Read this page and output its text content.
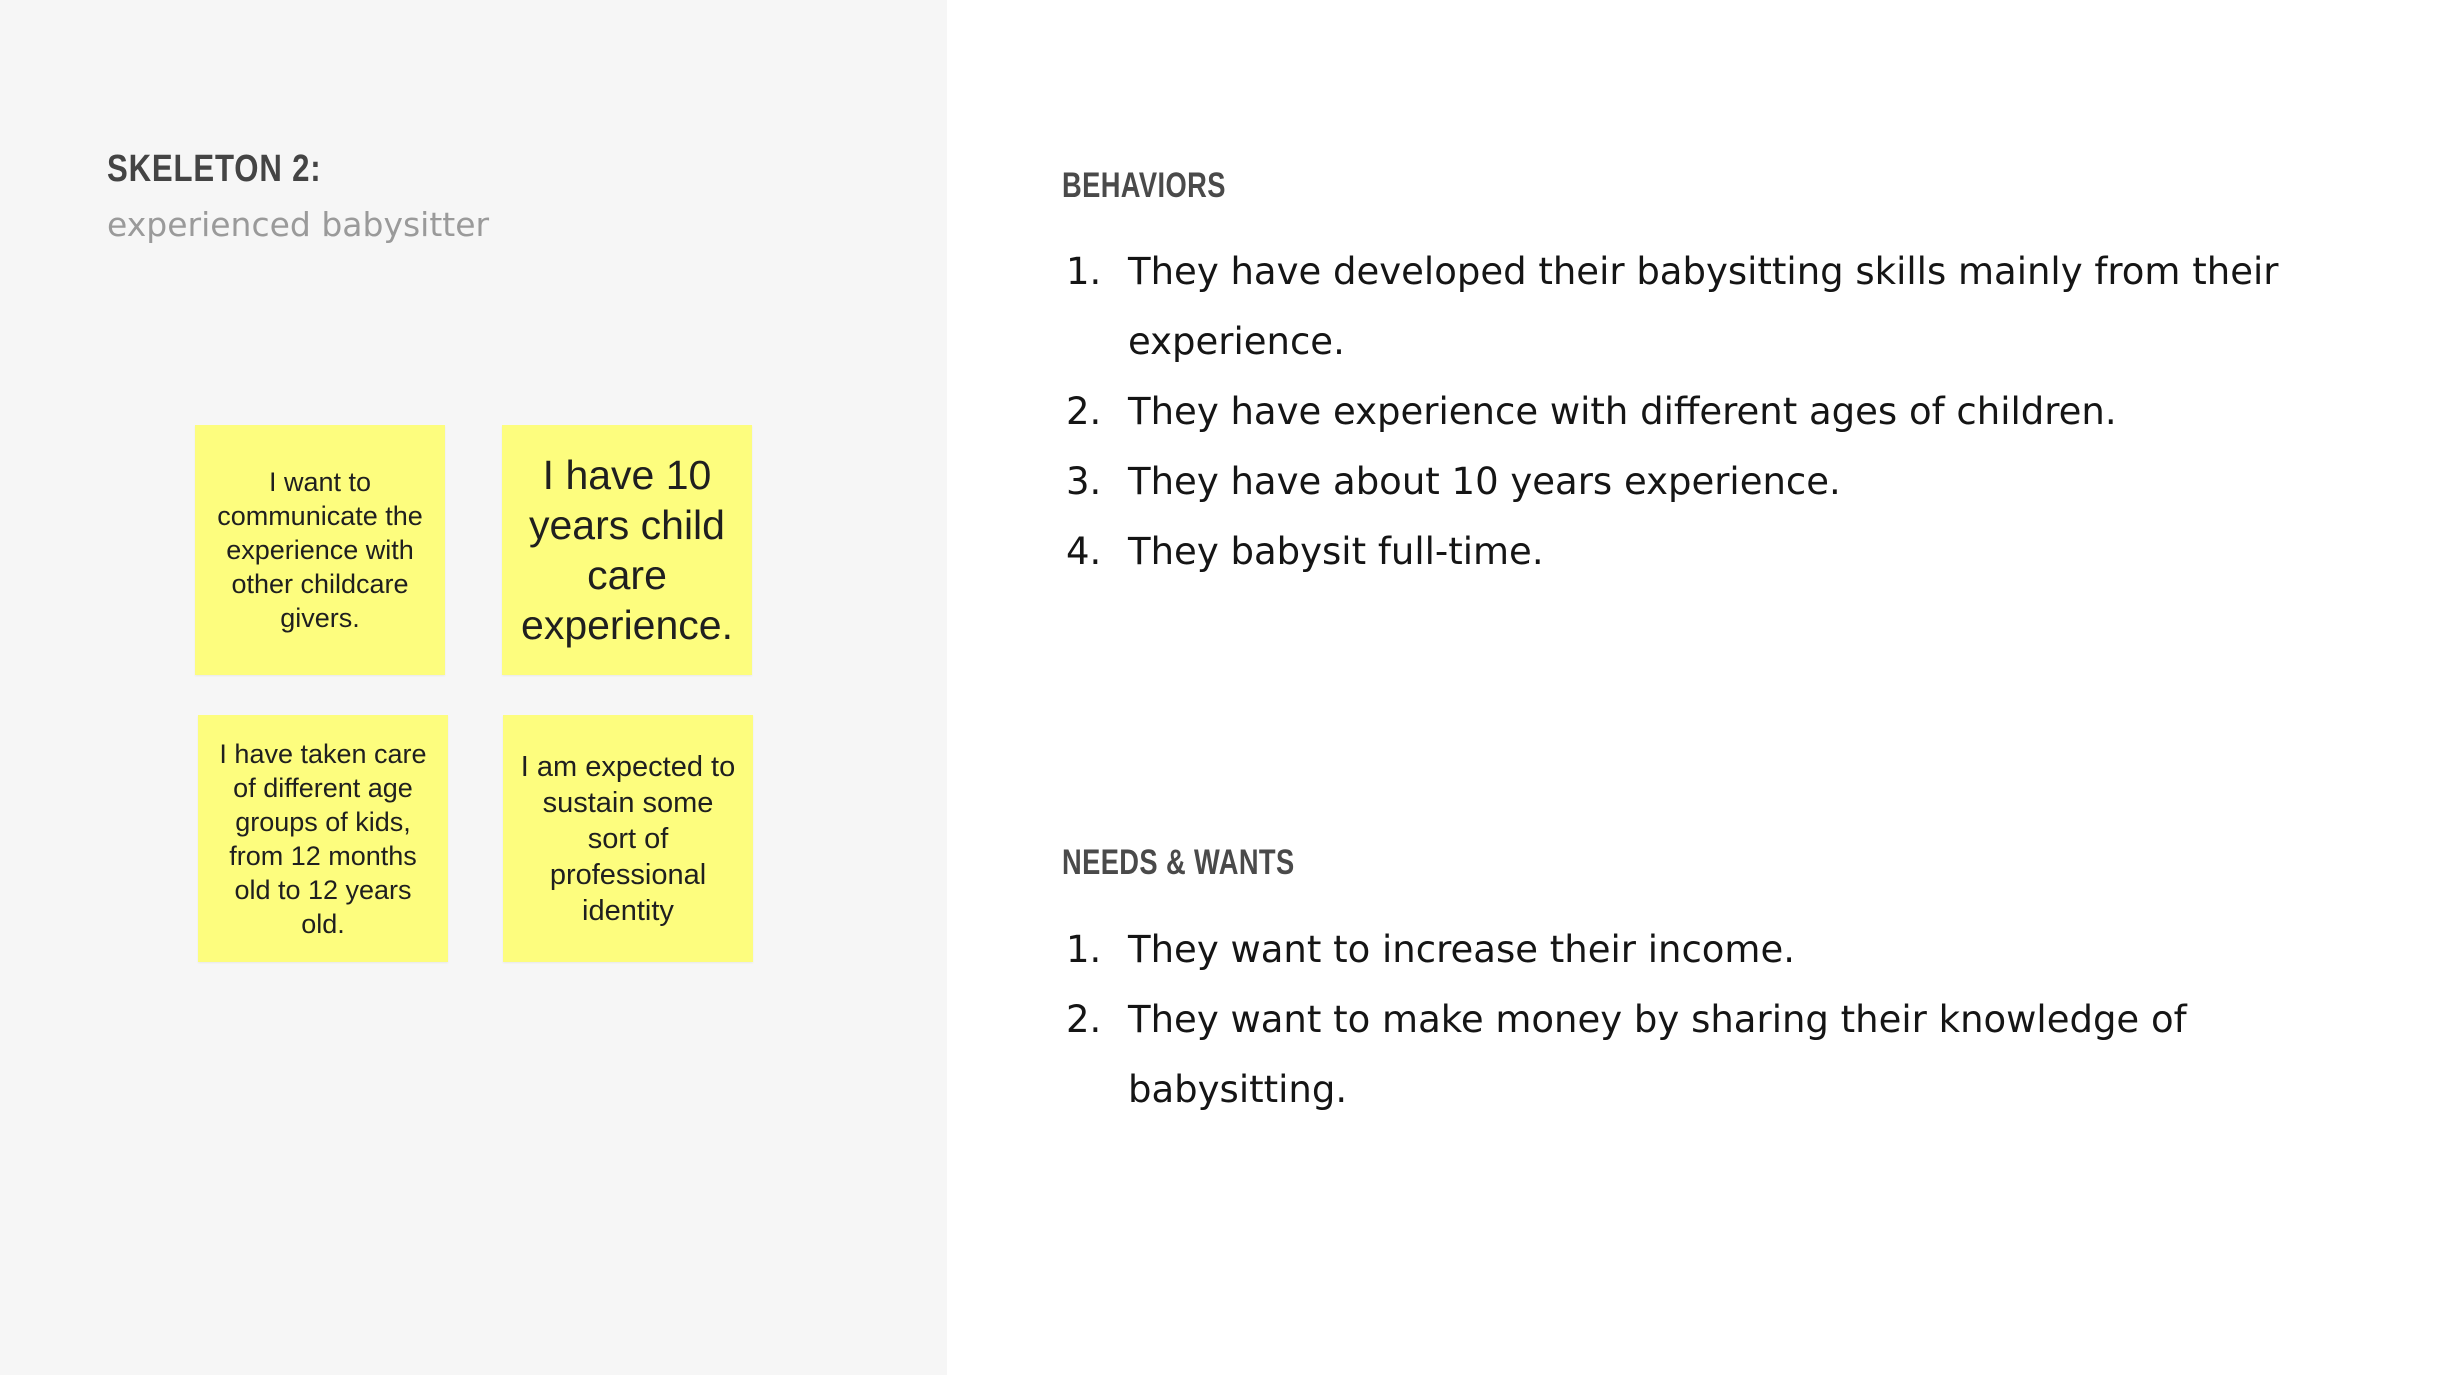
SKELETON 2:
experienced babysitter
I want to communicate the experience with other childcare givers.
I have 10 years child care experience.
I have taken care of different age groups of kids, from 12 months old to 12 years old.
I am expected to sustain some sort of professional identity
BEHAVIORS
1. They have developed their babysitting skills mainly from their experience.
2. They have experience with different ages of children.
3. They have about 10 years experience.
4. They babysit full-time.
NEEDS & WANTS
1. They want to increase their income.
2. They want to make money by sharing their knowledge of babysitting.
